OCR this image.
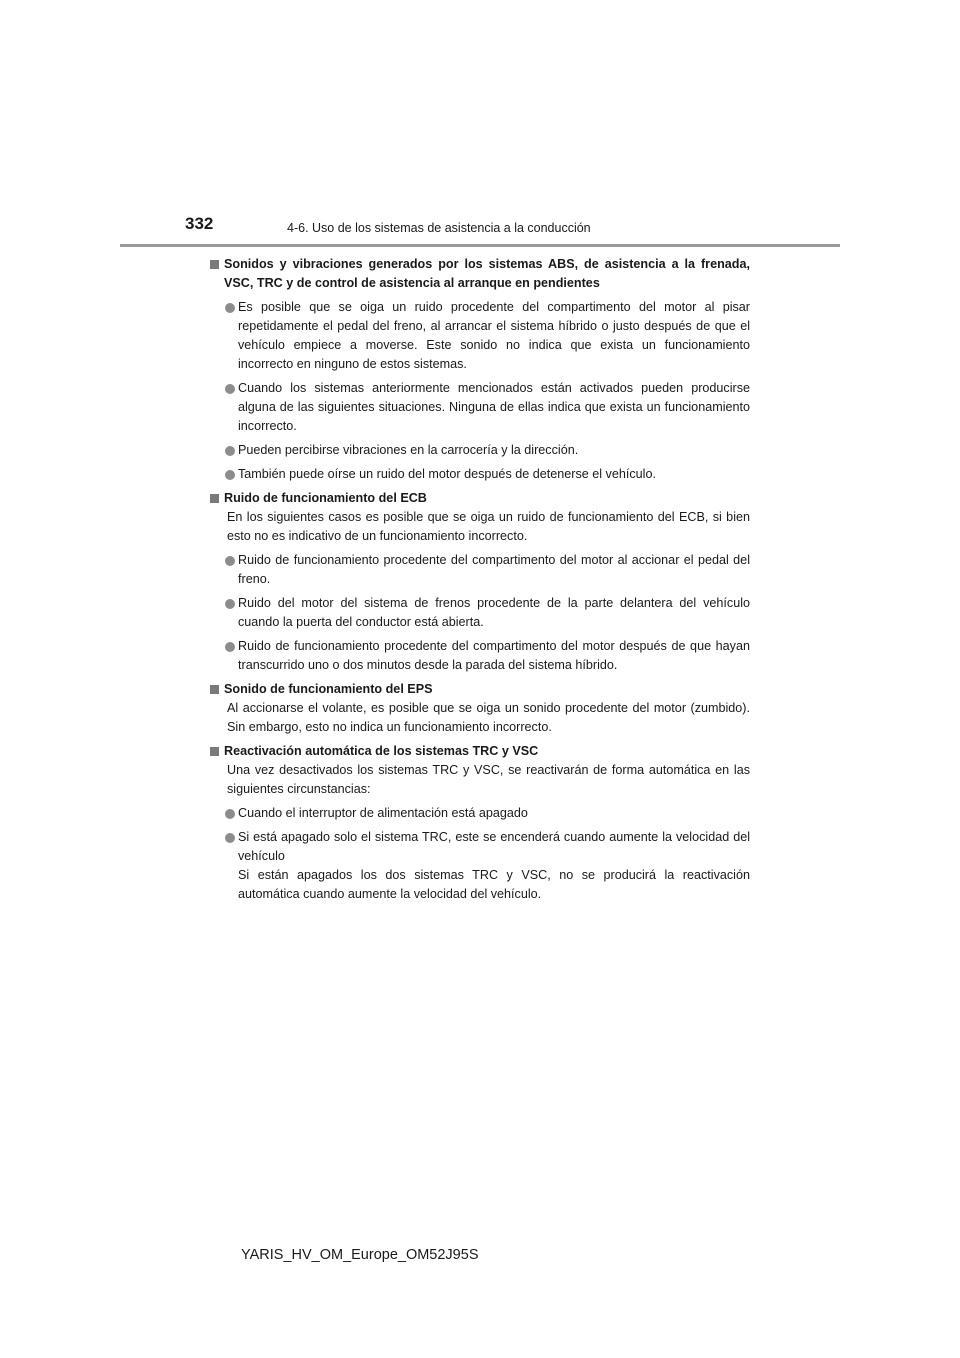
332	4-6. Uso de los sistemas de asistencia a la conducción
Sonidos y vibraciones generados por los sistemas ABS, de asistencia a la frenada, VSC, TRC y de control de asistencia al arranque en pendientes
Es posible que se oiga un ruido procedente del compartimento del motor al pisar repetidamente el pedal del freno, al arrancar el sistema híbrido o justo después de que el vehículo empiece a moverse. Este sonido no indica que exista un funcionamiento incorrecto en ninguno de estos sistemas.
Cuando los sistemas anteriormente mencionados están activados pueden producirse alguna de las siguientes situaciones. Ninguna de ellas indica que exista un funcionamiento incorrecto.
Pueden percibirse vibraciones en la carrocería y la dirección.
También puede oírse un ruido del motor después de detenerse el vehículo.
Ruido de funcionamiento del ECB
En los siguientes casos es posible que se oiga un ruido de funcionamiento del ECB, si bien esto no es indicativo de un funcionamiento incorrecto.
Ruido de funcionamiento procedente del compartimento del motor al accionar el pedal del freno.
Ruido del motor del sistema de frenos procedente de la parte delantera del vehículo cuando la puerta del conductor está abierta.
Ruido de funcionamiento procedente del compartimento del motor después de que hayan transcurrido uno o dos minutos desde la parada del sistema híbrido.
Sonido de funcionamiento del EPS
Al accionarse el volante, es posible que se oiga un sonido procedente del motor (zumbido). Sin embargo, esto no indica un funcionamiento incorrecto.
Reactivación automática de los sistemas TRC y VSC
Una vez desactivados los sistemas TRC y VSC, se reactivarán de forma automática en las siguientes circunstancias:
Cuando el interruptor de alimentación está apagado
Si está apagado solo el sistema TRC, este se encenderá cuando aumente la velocidad del vehículo
Si están apagados los dos sistemas TRC y VSC, no se producirá la reactivación automática cuando aumente la velocidad del vehículo.
YARIS_HV_OM_Europe_OM52J95S
